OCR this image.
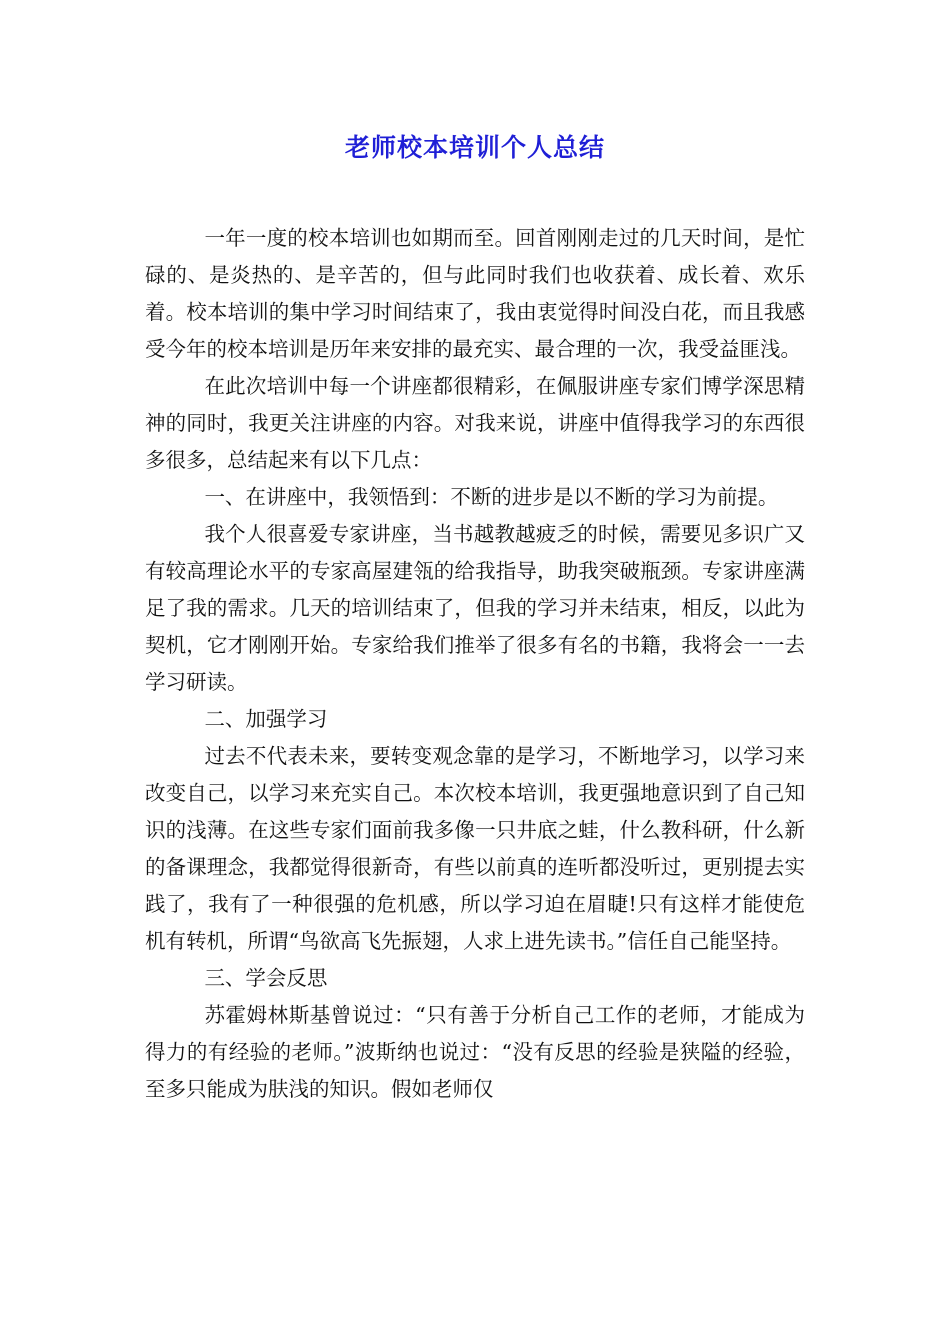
老师校本培训个人总结

一年一度的校本培训也如期而至。回首刚刚走过的几天时间，是忙碌的、是炎热的、是辛苦的，但与此同时我们也收获着、成长着、欢乐着。校本培训的集中学习时间结束了，我由衷觉得时间没白花，而且我感受今年的校本培训是历年来安排的最充实、最合理的一次，我受益匪浅。

在此次培训中每一个讲座都很精彩，在佩服讲座专家们博学深思精神的同时，我更关注讲座的内容。对我来说，讲座中值得我学习的东西很多很多，总结起来有以下几点：

一、在讲座中，我领悟到：不断的进步是以不断的学习为前提。

我个人很喜爱专家讲座，当书越教越疲乏的时候，需要见多识广又有较高理论水平的专家高屋建瓴的给我指导，助我突破瓶颈。专家讲座满足了我的需求。几天的培训结束了，但我的学习并未结束，相反，以此为契机，它才刚刚开始。专家给我们推举了很多有名的书籍，我将会一一去学习研读。

二、加强学习

过去不代表未来，要转变观念靠的是学习，不断地学习，以学习来改变自己，以学习来充实自己。本次校本培训，我更强地意识到了自己知识的浅薄。在这些专家们面前我多像一只井底之蛙，什么教科研，什么新的备课理念，我都觉得很新奇，有些以前真的连听都没听过，更别提去实践了，我有了一种很强的危机感，所以学习迫在眉睫!只有这样才能使危机有转机，所谓“鸟欲高飞先振翅，人求上进先读书。”信任自己能坚持。

三、学会反思

苏霍姆林斯基曾说过：“只有善于分析自己工作的老师，才能成为得力的有经验的老师。”波斯纳也说过：“没有反思的经验是狭隘的经验，至多只能成为肤浅的知识。假如老师仅
